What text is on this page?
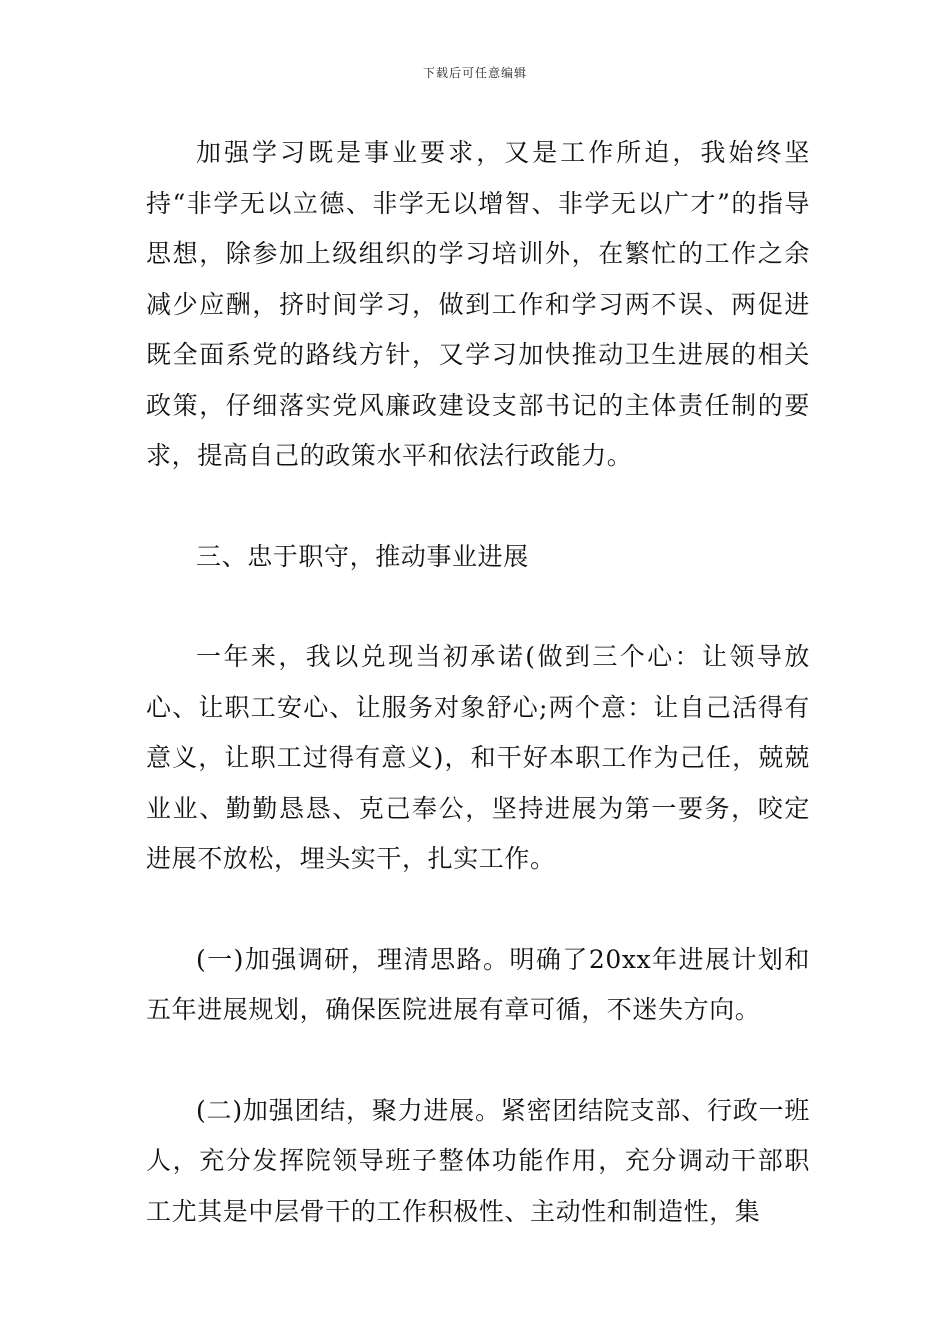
下载后可任意编辑

加强学习既是事业要求，又是工作所迫，我始终坚持“非学无以立德、非学无以增智、非学无以广才”的指导思想，除参加上级组织的学习培训外，在繁忙的工作之余减少应酬，挤时间学习，做到工作和学习两不误、两促进既全面系党的路线方针，又学习加快推动卫生进展的相关政策，仔细落实党风廉政建设支部书记的主体责任制的要求，提高自己的政策水平和依法行政能力。

三、忠于职守，推动事业进展

一年来，我以兑现当初承诺(做到三个心：让领导放心、让职工安心、让服务对象舒心;两个意：让自己活得有意义，让职工过得有意义)，和干好本职工作为己任，兢兢业业、勤勤恳恳、克己奉公，坚持进展为第一要务，咬定进展不放松，埋头实干，扎实工作。

(一)加强调研，理清思路。明确了20xx年进展计划和五年进展规划，确保医院进展有章可循，不迷失方向。

(二)加强团结，聚力进展。紧密团结院支部、行政一班人，充分发挥院领导班子整体功能作用，充分调动干部职工尤其是中层骨干的工作积极性、主动性和制造性，集
